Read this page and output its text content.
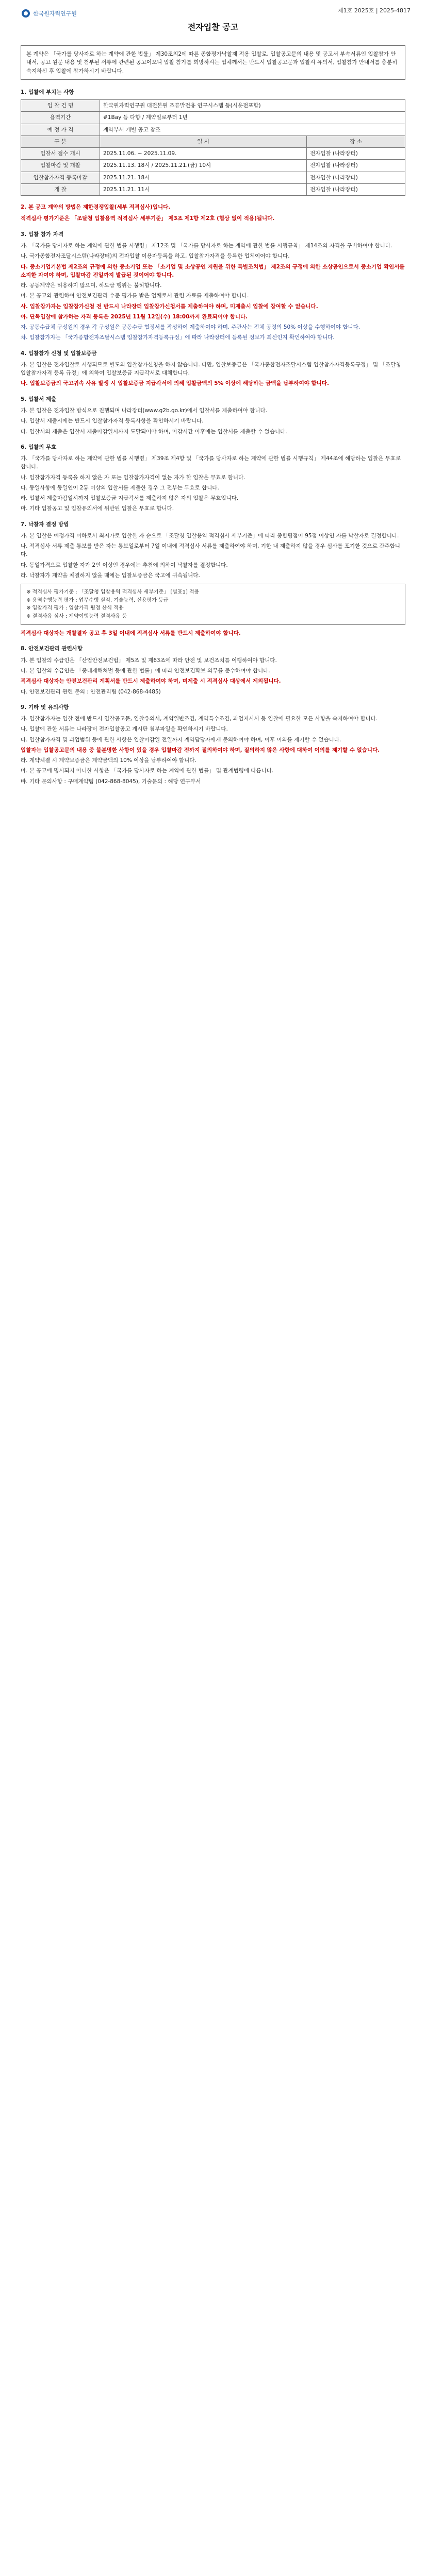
한국원자력연구원	제1호 2025호 | 2025-4817
전자입찰 공고
본 계약은 「국가를 당사자로 하는 계약에 관한 법률」 제30조의2에 따른 종합평가낙찰제 적용 입찰로, 입찰공고문의 내용 및 공고서 부속서류인 입찰참가 안내서, 공고 원문 내용 및 첨부된 서류에 관련된 공고이오니 입찰 참가를 희망하시는 업체께서는 반드시 입찰공고문과 입찰시 유의서, 입찰참가 안내서를 충분히 숙지하신 후 입찰에 참가하시기 바랍니다.
1. 입찰에 부치는 사항
입 찰 건 명	한국원자력연구원 대전본원 조류발전용 연구시스템 등(시운전포함)	
용역기간	#1Bay 등 다향 / 계약일로부터 1년	
예 정 가 격	계약부서 개별 공고 참조	
구 분	일 시	장 소
입찰서 접수 개시	2025.11.06. ~ 2025.11.09.	전자입찰 (나라장터)
입찰마감 및 개찰	2025.11.13. 18시 / 2025.11.21.(금) 10시	전자입찰 (나라장터)
입찰참가자격 등록마감	2025.11.21. 18시	전자입찰 (나라장터)
개 찰	2025.11.21. 11시	전자입찰 (나라장터)
2. 본 공고 계약의 방법은 제한경쟁입찰(세부 적격심사)입니다.
적격심사 평가기준은 「조달청 입찰용역 적격심사 세부기준」 제3조 제1항 제2호 (협상 없이 적용)됩니다.
3. 입찰 참가 자격
가. 「국가를 당사자로 하는 계약에 관한 법률 시행령」 제12조 및 「국가를 당사자로 하는 계약에 관한 법률 시행규칙」 제14조의 자격을 구비하여야 합니다.
나. 국가종합전자조달시스템(나라장터)의 전자입찰 이용자등록을 하고, 입찰참가자격을 등록한 업체이어야 합니다.
다. 중소기업기본법 제2조의 규정에 의한 중소기업 또는 「소기업 및 소상공인 지원을 위한 특별조치법」 제2조의 규정에 의한 소상공인으로서 중소기업 확인서를 소지한 자여야 하며, 입찰마감 전일까지 발급된 것이어야 합니다.
라. 공동계약은 허용하지 않으며, 하도급 행위는 불허합니다.
마. 본 공고와 관련하여 안전보건관리 수준 평가를 받은 업체로서 관련 자료를 제출하여야 합니다.
사. 입찰참가자는 입찰참가신청 전 반드시 나라장터 입찰참가신청서를 제출하여야 하며, 미제출시 입찰에 참여할 수 없습니다.
아. 단독입찰에 참가하는 자격 등록은 2025년 11월 12일(수) 18:00까지 완료되어야 합니다.
자. 공동수급체 구성원의 경우 각 구성원은 공동수급 협정서를 작성하여 제출하여야 하며, 주관사는 전체 공정의 50% 이상을 수행하여야 합니다.
차. 입찰참가자는 「국가종합전자조달시스템 입찰참가자격등록규정」에 따라 나라장터에 등록된 정보가 최신인지 확인하여야 합니다.
4. 입찰참가 신청 및 입찰보증금
가. 본 입찰은 전자입찰로 시행되므로 별도의 입찰참가신청을 하지 않습니다. 다만, 입찰보증금은 「국가종합전자조달시스템 입찰참가자격등록규정」 및 「조달청 입찰참가자격 등록 규정」에 의하여 입찰보증금 지급각서로 대체합니다.
나. 입찰보증금의 국고귀속 사유 발생 시 입찰보증금 지급각서에 의해 입찰금액의 5% 이상에 해당하는 금액을 납부하여야 합니다.
5. 입찰서 제출
가. 본 입찰은 전자입찰 방식으로 진행되며 나라장터(www.g2b.go.kr)에서 입찰서를 제출하여야 합니다.
나. 입찰서 제출시에는 반드시 입찰참가자격 등록사항을 확인하시기 바랍니다.
다. 입찰서의 제출은 입찰서 제출마감일시까지 도달되어야 하며, 마감시간 이후에는 입찰서를 제출할 수 없습니다.
6. 입찰의 무효
가. 「국가를 당사자로 하는 계약에 관한 법률 시행령」 제39조 제4항 및 「국가를 당사자로 하는 계약에 관한 법률 시행규칙」 제44조에 해당하는 입찰은 무효로 합니다.
나. 입찰참가자격 등록을 하지 않은 자 또는 입찰참가자격이 없는 자가 한 입찰은 무효로 합니다.
다. 동일사항에 동일인이 2통 이상의 입찰서를 제출한 경우 그 전부는 무효로 합니다.
라. 입찰서 제출마감일시까지 입찰보증금 지급각서를 제출하지 않은 자의 입찰은 무효입니다.
마. 기타 입찰공고 및 입찰유의서에 위반된 입찰은 무효로 합니다.
7. 낙찰자 결정 방법
가. 본 입찰은 예정가격 이하로서 최저가로 입찰한 자 순으로 「조달청 입찰용역 적격심사 세부기준」에 따라 종합평점이 95점 이상인 자를 낙찰자로 결정합니다.
나. 적격심사 서류 제출 통보를 받은 자는 통보일로부터 7일 이내에 적격심사 서류를 제출하여야 하며, 기한 내 제출하지 않을 경우 심사를 포기한 것으로 간주합니다.
다. 동일가격으로 입찰한 자가 2인 이상인 경우에는 추첨에 의하여 낙찰자를 결정합니다.
라. 낙찰자가 계약을 체결하지 않을 때에는 입찰보증금은 국고에 귀속됩니다.
※ 적격심사 평가기준 : 「조달청 입찰용역 적격심사 세부기준」 [별표1] 적용
※ 용역수행능력 평가 : 업무수행 실적, 기술능력, 신용평가 등급
※ 입찰가격 평가 : 입찰가격 평점 산식 적용
※ 결격사유 심사 : 계약이행능력 결격사유 등
적격심사 대상자는 개찰결과 공고 후 3일 이내에 적격심사 서류를 반드시 제출하여야 합니다.
8. 안전보건관리 관련사항
가. 본 입찰의 수급인은 「산업안전보건법」 제5조 및 제63조에 따라 안전 및 보건조치를 이행하여야 합니다.
나. 본 입찰의 수급인은 「중대재해처벌 등에 관한 법률」에 따라 안전보건확보 의무를 준수하여야 합니다.
적격심사 대상자는 안전보건관리 계획서를 반드시 제출하여야 하며, 미제출 시 적격심사 대상에서 제외됩니다.
다. 안전보건관리 관련 문의 : 안전관리팀 (042-868-4485)
9. 기타 및 유의사항
가. 입찰참가자는 입찰 전에 반드시 입찰공고문, 입찰유의서, 계약일반조건, 계약특수조건, 과업지시서 등 입찰에 필요한 모든 사항을 숙지하여야 합니다.
나. 입찰에 관한 서류는 나라장터 전자입찰공고 게시판 첨부파일을 확인하시기 바랍니다.
다. 입찰참가자격 및 과업범위 등에 관한 사항은 입찰마감일 전일까지 계약담당자에게 문의하여야 하며, 이후 이의를 제기할 수 없습니다.
입찰자는 입찰공고문의 내용 중 불분명한 사항이 있을 경우 입찰마감 전까지 질의하여야 하며, 질의하지 않은 사항에 대하여 이의를 제기할 수 없습니다.
라. 계약체결 시 계약보증금은 계약금액의 10% 이상을 납부하여야 합니다.
마. 본 공고에 명시되지 아니한 사항은 「국가를 당사자로 하는 계약에 관한 법률」 및 관계법령에 따릅니다.
바. 기타 문의사항 : 구매계약팀 (042-868-8045), 기술문의 : 해당 연구부서
